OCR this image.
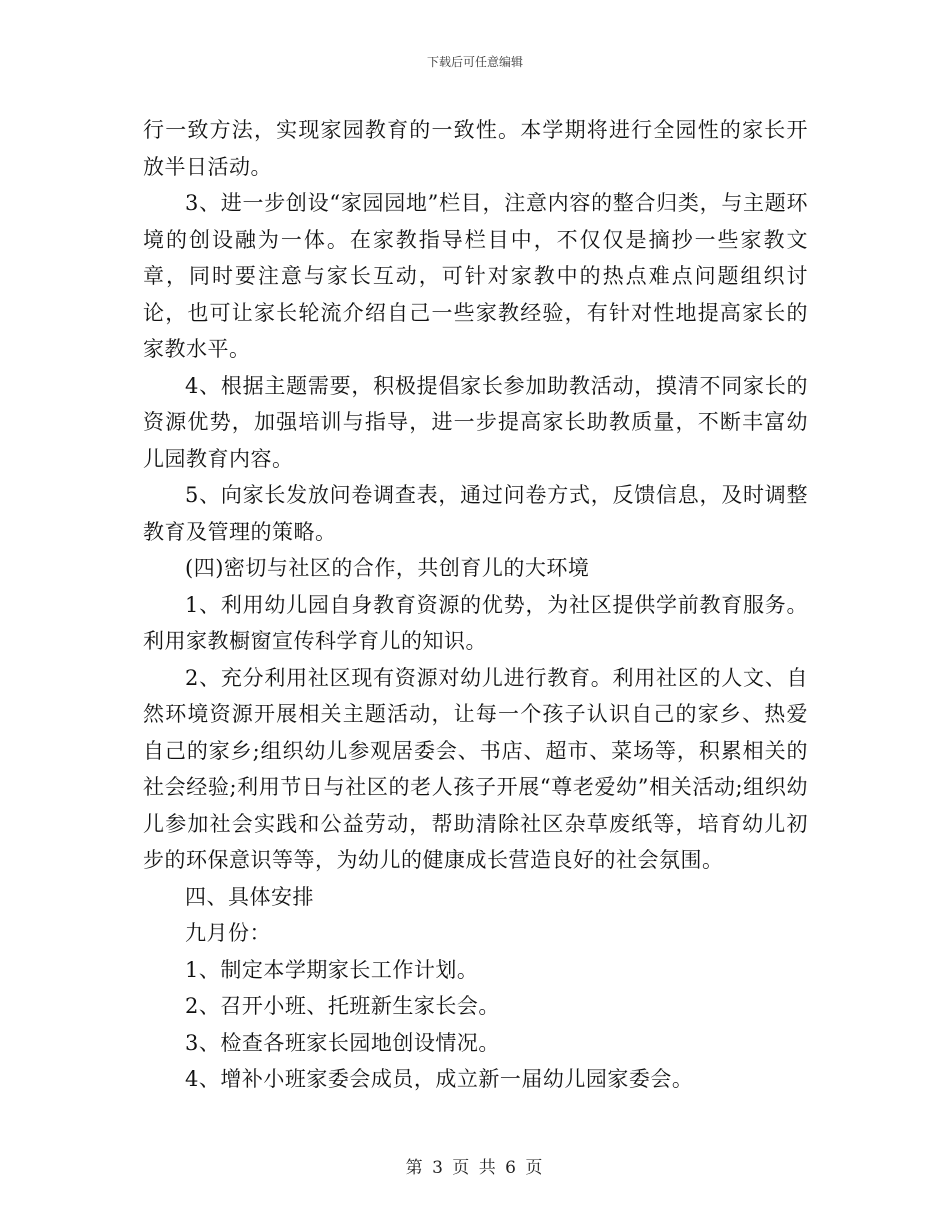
下载后可任意编辑

行一致方法，实现家园教育的一致性。本学期将进行全园性的家长开放半日活动。

3、进一步创设“家园园地”栏目，注意内容的整合归类，与主题环境的创设融为一体。在家教指导栏目中，不仅仅是摘抄一些家教文章，同时要注意与家长互动，可针对家教中的热点难点问题组织讨论，也可让家长轮流介绍自己一些家教经验，有针对性地提高家长的家教水平。

4、根据主题需要，积极提倡家长参加助教活动，摸清不同家长的资源优势，加强培训与指导，进一步提高家长助教质量，不断丰富幼儿园教育内容。

5、向家长发放问卷调查表，通过问卷方式，反馈信息，及时调整教育及管理的策略。

(四)密切与社区的合作，共创育儿的大环境

1、利用幼儿园自身教育资源的优势，为社区提供学前教育服务。利用家教橱窗宣传科学育儿的知识。

2、充分利用社区现有资源对幼儿进行教育。利用社区的人文、自然环境资源开展相关主题活动，让每一个孩子认识自己的家乡、热爱自己的家乡;组织幼儿参观居委会、书店、超市、菜场等，积累相关的社会经验;利用节日与社区的老人孩子开展“尊老爱幼”相关活动;组织幼儿参加社会实践和公益劳动，帮助清除社区杂草废纸等，培育幼儿初步的环保意识等等，为幼儿的健康成长营造良好的社会氛围。

四、具体安排

九月份：

1、制定本学期家长工作计划。

2、召开小班、托班新生家长会。

3、检查各班家长园地创设情况。

4、增补小班家委会成员，成立新一届幼儿园家委会。

第 3 页 共 6 页
